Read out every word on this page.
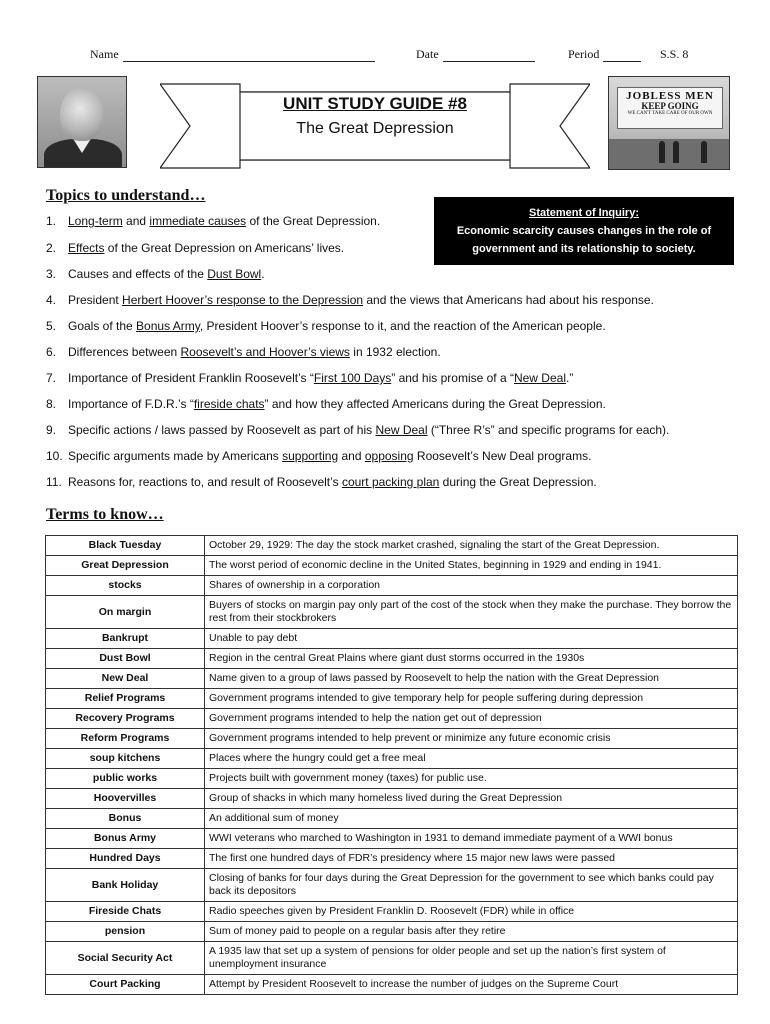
Name	Date	Period	S.S. 8
UNIT STUDY GUIDE #8
The Great Depression
JOBLESS MEN
KEEP GOING
WE CAN'T TAKE CARE OF OUR OWN
Topics to understand…
Statement of Inquiry:
Economic scarcity causes changes in the role of
government and its relationship to society.
1. Long-term and immediate causes of the Great Depression.
2. Effects of the Great Depression on Americans’ lives.
3. Causes and effects of the Dust Bowl.
4. President Herbert Hoover’s response to the Depression and the views that Americans had about his response.
5. Goals of the Bonus Army, President Hoover’s response to it, and the reaction of the American people.
6. Differences between Roosevelt’s and Hoover’s views in 1932 election.
7. Importance of President Franklin Roosevelt’s “First 100 Days” and his promise of a “New Deal.”
8. Importance of F.D.R.’s “fireside chats” and how they affected Americans during the Great Depression.
9. Specific actions / laws passed by Roosevelt as part of his New Deal (“Three R’s” and specific programs for each).
10. Specific arguments made by Americans supporting and opposing Roosevelt’s New Deal programs.
11. Reasons for, reactions to, and result of Roosevelt’s court packing plan during the Great Depression.
Terms to know…
Black Tuesday	October 29, 1929: The day the stock market crashed, signaling the start of the Great Depression.
Great Depression	The worst period of economic decline in the United States, beginning in 1929 and ending in 1941.
stocks	Shares of ownership in a corporation
On margin	Buyers of stocks on margin pay only part of the cost of the stock when they make the purchase. They borrow the rest from their stockbrokers
Bankrupt	Unable to pay debt
Dust Bowl	Region in the central Great Plains where giant dust storms occurred in the 1930s
New Deal	Name given to a group of laws passed by Roosevelt to help the nation with the Great Depression
Relief Programs	Government programs intended to give temporary help for people suffering during depression
Recovery Programs	Government programs intended to help the nation get out of depression
Reform Programs	Government programs intended to help prevent or minimize any future economic crisis
soup kitchens	Places where the hungry could get a free meal
public works	Projects built with government money (taxes) for public use.
Hoovervilles	Group of shacks in which many homeless lived during the Great Depression
Bonus	An additional sum of money
Bonus Army	WWI veterans who marched to Washington in 1931 to demand immediate payment of a WWI bonus
Hundred Days	The first one hundred days of FDR’s presidency where 15 major new laws were passed
Bank Holiday	Closing of banks for four days during the Great Depression for the government to see which banks could pay back its depositors
Fireside Chats	Radio speeches given by President Franklin D. Roosevelt (FDR) while in office
pension	Sum of money paid to people on a regular basis after they retire
Social Security Act	A 1935 law that set up a system of pensions for older people and set up the nation’s first system of unemployment insurance
Court Packing	Attempt by President Roosevelt to increase the number of judges on the Supreme Court
